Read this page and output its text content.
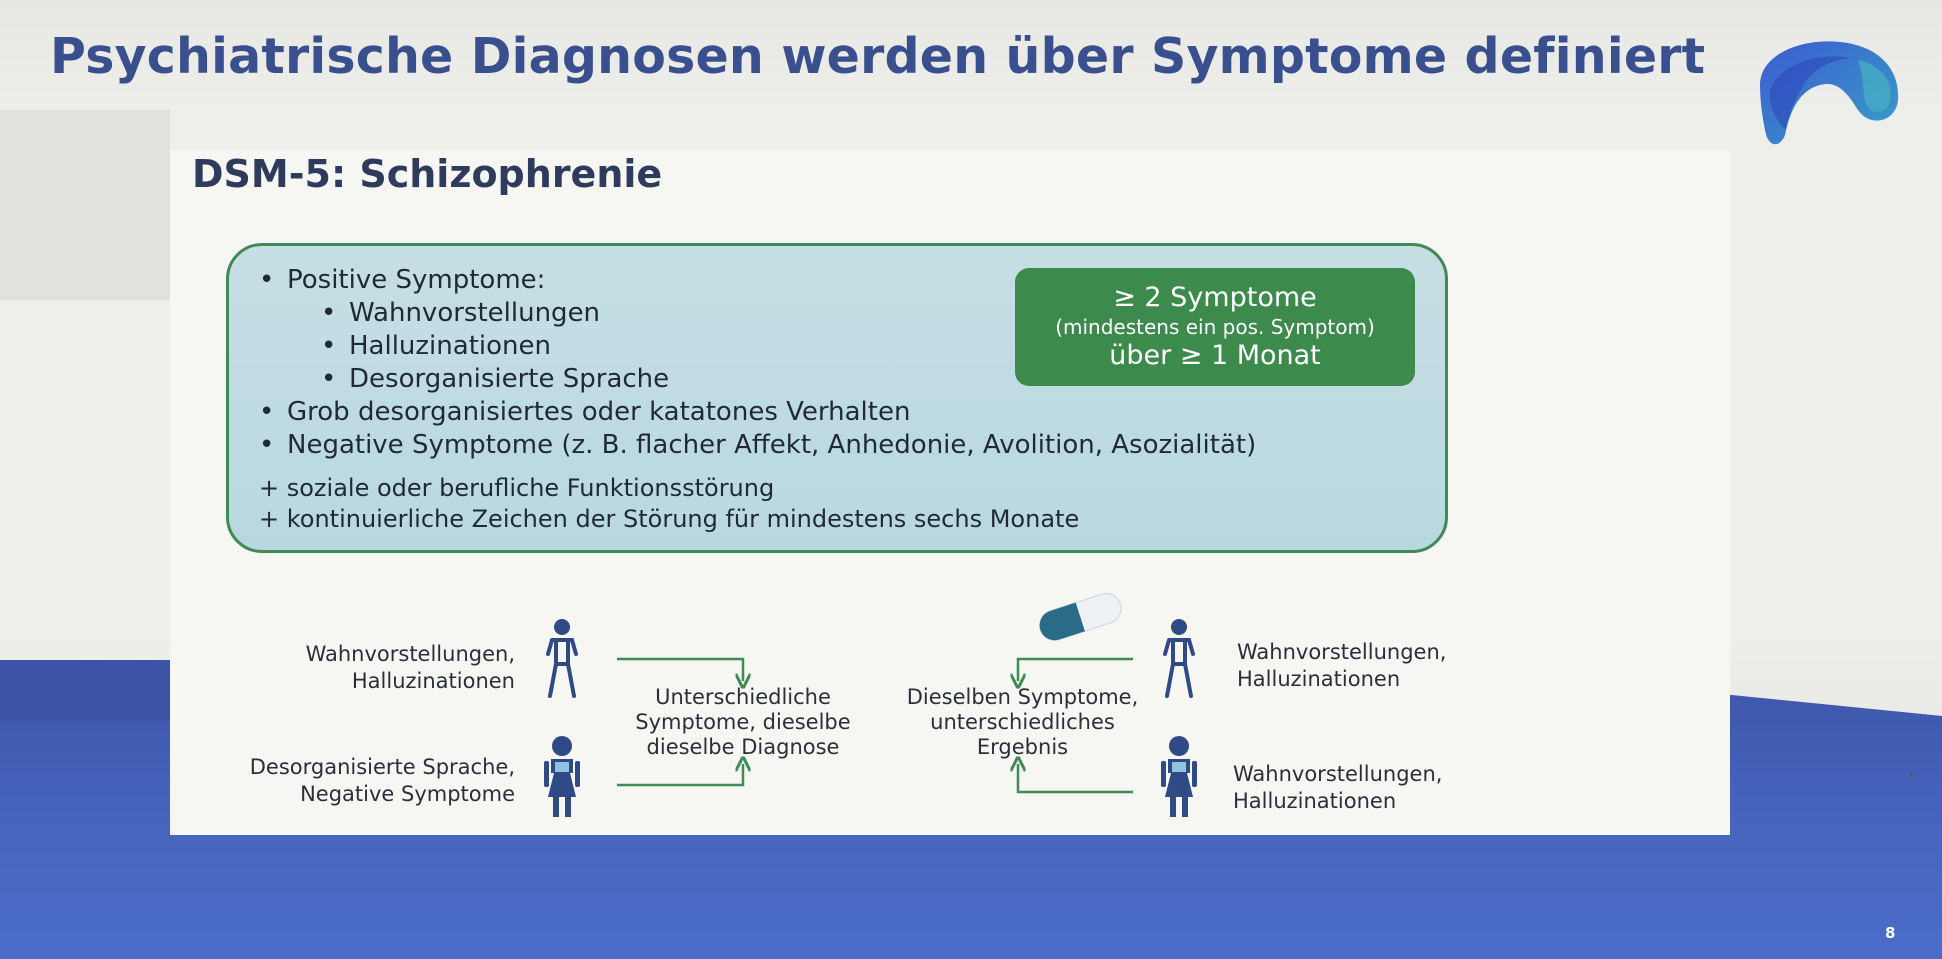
Psychiatrische Diagnosen werden über Symptome definiert
DSM-5: Schizophrenie
• Positive Symptome:
• Wahnvorstellungen
• Halluzinationen
• Desorganisierte Sprache
• Grob desorganisiertes oder katatones Verhalten
• Negative Symptome (z. B. flacher Affekt, Anhedonie, Avolition, Asozialität)
+ soziale oder berufliche Funktionsstörung
+ kontinuierliche Zeichen der Störung für mindestens sechs Monate
≥ 2 Symptome
(mindestens ein pos. Symptom)
über ≥ 1 Monat
Wahnvorstellungen,
Halluzinationen
Desorganisierte Sprache,
Negative Symptome
Unterschiedliche
Symptome, dieselbe
dieselbe Diagnose
Dieselben Symptome,
unterschiedliches
Ergebnis
Wahnvorstellungen,
Halluzinationen
Wahnvorstellungen,
Halluzinationen
8
